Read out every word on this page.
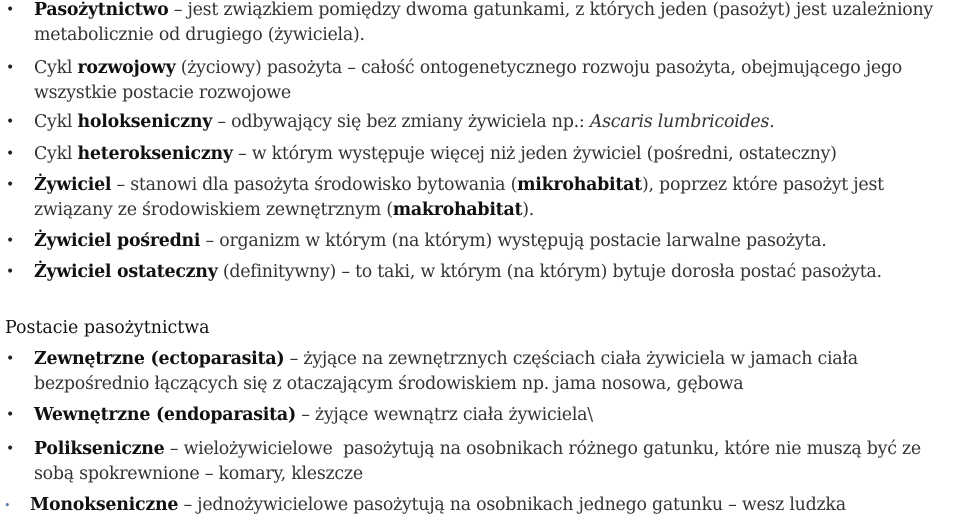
• Pasożytnictwo – jest związkiem pomiędzy dwoma gatunkami, z których jeden (pasożyt) jest uzależniony metabolicznie od drugiego (żywiciela).
• Cykl rozwojowy (życiowy) pasożyta – całość ontogenetycznego rozwoju pasożyta, obejmującego jego wszystkie postacie rozwojowe
• Cykl holokseniczny – odbywający się bez zmiany żywiciela np.: Ascaris lumbricoides.
• Cykl heterokseniczny – w którym występuje więcej niż jeden żywiciel (pośredni, ostateczny)
• Żywiciel – stanowi dla pasożyta środowisko bytowania (mikrohabitat), poprzez które pasożyt jest związany ze środowiskiem zewnętrznym (makrohabitat).
• Żywiciel pośredni – organizm w którym (na którym) występują postacie larwalne pasożyta.
• Żywiciel ostateczny (definitywny) – to taki, w którym (na którym) bytuje dorosła postać pasożyta.
Postacie pasożytnictwa
• Zewnętrzne (ectoparasita) – żyjące na zewnętrznych częściach ciała żywiciela w jamach ciała bezpośrednio łączących się z otaczającym środowiskiem np. jama nosowa, gębowa
• Wewnętrzne (endoparasita) – żyjące wewnątrz ciała żywiciela\
• Polikseniczne – wielożywicielowe  pasożytują na osobnikach różnego gatunku, które nie muszą być ze sobą spokrewnione – komary, kleszcze
• Monokseniczne – jednożywicielowe pasożytują na osobnikach jednego gatunku – wesz ludzka
